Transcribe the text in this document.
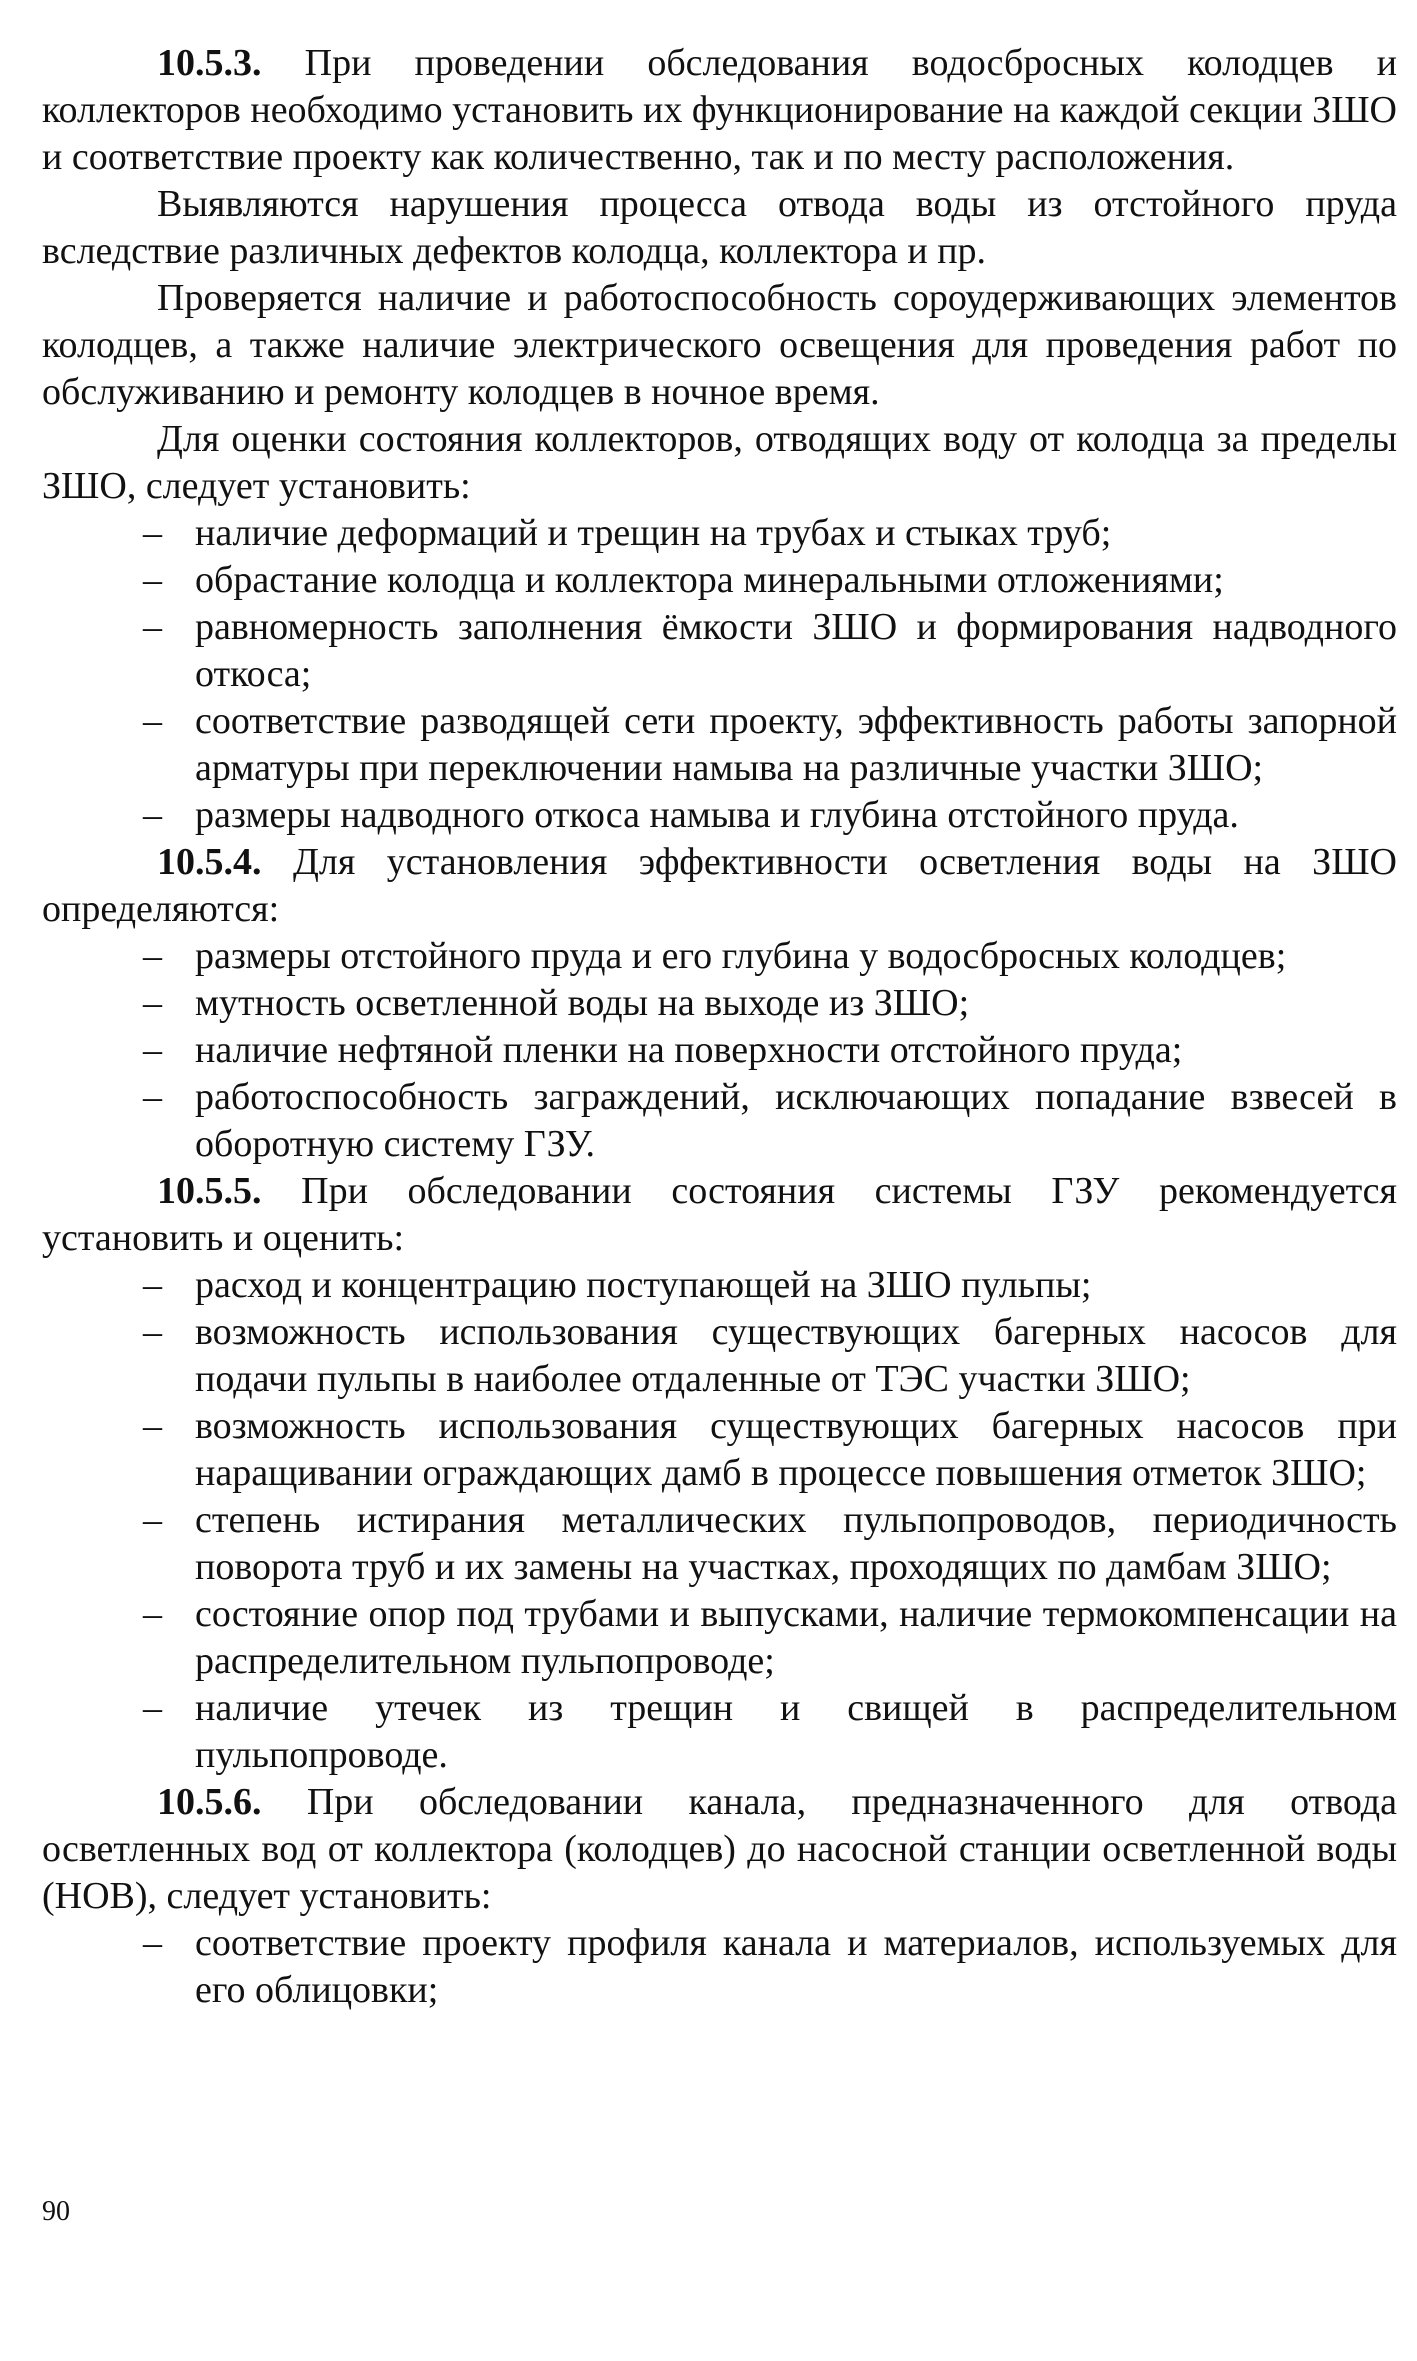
10.5.3. При проведении обследования водосбросных колодцев и коллекторов необходимо установить их функционирование на каждой секции ЗШО и соответствие проекту как количественно, так и по месту расположения.

Выявляются нарушения процесса отвода воды из отстойного пруда вследствие различных дефектов колодца, коллектора и пр.

Проверяется наличие и работоспособность сороудерживающих элементов колодцев, а также наличие электрического освещения для проведения работ по обслуживанию и ремонту колодцев в ночное время.

Для оценки состояния коллекторов, отводящих воду от колодца за пределы ЗШО, следует установить:

– наличие деформаций и трещин на трубах и стыках труб;
– обрастание колодца и коллектора минеральными отложениями;
– равномерность заполнения ёмкости ЗШО и формирования надводного откоса;
– соответствие разводящей сети проекту, эффективность работы запорной арматуры при переключении намыва на различные участки ЗШО;
– размеры надводного откоса намыва и глубина отстойного пруда.

10.5.4. Для установления эффективности осветления воды на ЗШО определяются:

– размеры отстойного пруда и его глубина у водосбросных колодцев;
– мутность осветленной воды на выходе из ЗШО;
– наличие нефтяной пленки на поверхности отстойного пруда;
– работоспособность заграждений, исключающих попадание взвесей в оборотную систему ГЗУ.

10.5.5. При обследовании состояния системы ГЗУ рекомендуется установить и оценить:

– расход и концентрацию поступающей на ЗШО пульпы;
– возможность использования существующих багерных насосов для подачи пульпы в наиболее отдаленные от ТЭС участки ЗШО;
– возможность использования существующих багерных насосов при наращивании ограждающих дамб в процессе повышения отметок ЗШО;
– степень истирания металлических пульпопроводов, периодичность поворота труб и их замены на участках, проходящих по дамбам ЗШО;
– состояние опор под трубами и выпусками, наличие термокомпенсации на распределительном пульпопроводе;
– наличие утечек из трещин и свищей в распределительном пульпопроводе.

10.5.6. При обследовании канала, предназначенного для отвода осветленных вод от коллектора (колодцев) до насосной станции осветленной воды (НОВ), следует установить:

– соответствие проекту профиля канала и материалов, используемых для его облицовки;
90
